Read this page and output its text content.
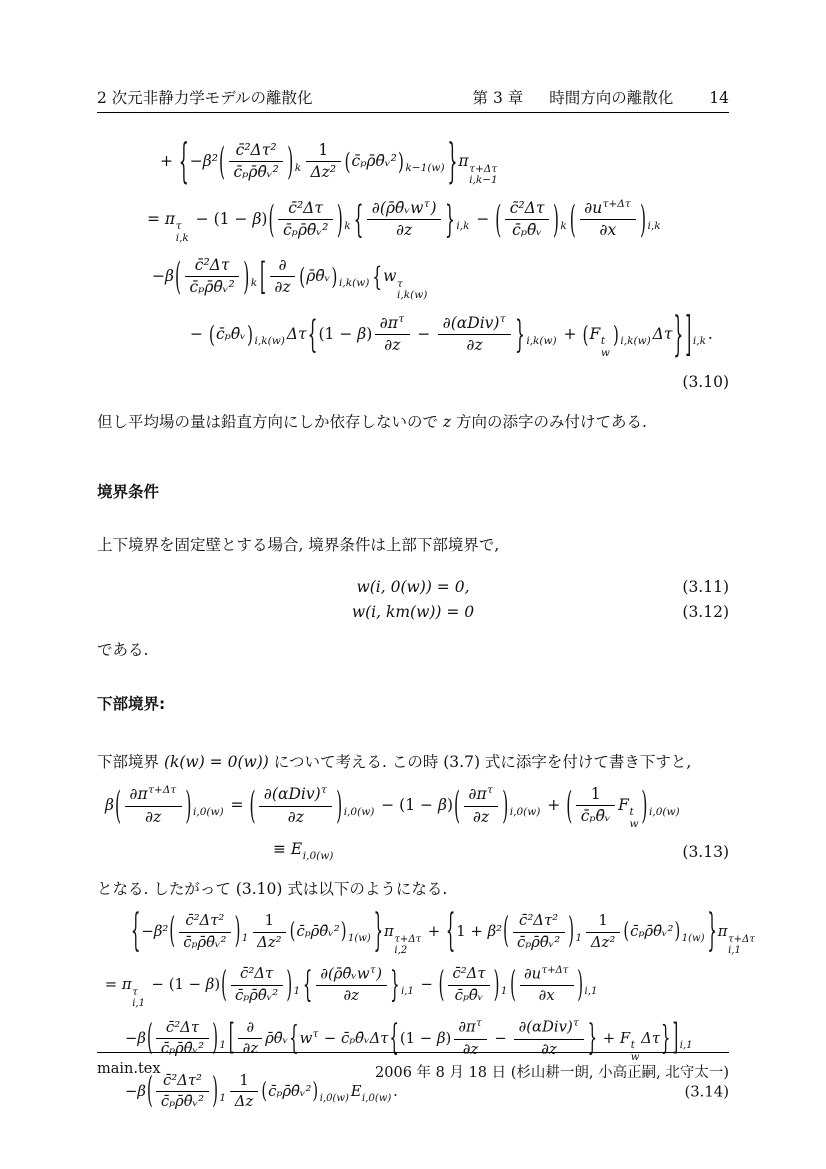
2 次元非静力学モデルの離散化	第 3 章 時間方向の離散化 14
+ {$-\beta^2( \frac{\text{c̄²Δτ²}}{\text{c̄ₚρ̄θ̄ᵥ²}}$ ) $_k \frac{1}{\text{Δz²}}$ (c̄ₚρ̄θ̄ᵥ²) $_{k-1(w)}$ }π τ+Δτ
i,k−1
= π τ
i,k
− $(1 - \beta)( \frac{\text{c̄²Δτ}}{\text{c̄ₚρ̄θ̄ᵥ²}}$ ) $_k$ { $\frac{\partial(\rhō\thetāᵥw^\tau)}{\partial z}$ } $_{i,k}$ − ( $\frac{\text{c̄²Δτ}}{\text{c̄ₚθ̄ᵥ}}$ ) $_k$ ( $\frac{\partial u^{\tau+\Delta\tau}}{\partial x}$ ) $_{i,k}$
$-\beta( \frac{\text{c̄²Δτ}}{\text{c̄ₚρ̄θ̄ᵥ²}}$ ) $_k$ [ $\frac{\partial}{\partial z}$ (ρ̄θ̄ᵥ) $_{i,k(w)}$ {w τ
i,k(w)
− (c̄ₚθ̄ᵥ) $_{i,k(w)}$ $\Delta\tau\{(1 - \beta) \frac{\partial\pi^\tau}{\partial z} - \frac{\partial(\alpha Div)^\tau}{\partial z}$ } $_{i,k(w)}$ + (F t
w
) $_{i,k(w)}$ Δτ} ] $_{i,k}$ .
(3.10)

但し平均場の量は鉛直方向にしか依存しないので z 方向の添字のみ付けてある.

境界条件

上下境界を固定壁とする場合, 境界条件は上部下部境界で,

w(i, 0(w)) = 0,	(3.11)
w(i, km(w)) = 0	(3.12)

である.

下部境界:

下部境界 (k(w) = 0(w)) について考える. この時 (3.7) 式に添字を付けて書き下すと,

$\beta( \frac{\partial\pi^{\tau+\Delta\tau}}{\partial z}$ ) $_{i,0(w)}$ = ( $\frac{\partial(\alpha Div)^\tau}{\partial z}$ ) $_{i,0(w)} - (1 - \beta)( \frac{\partial\pi^\tau}{\partial z}$ ) $_{i,0(w)}$ + ( $\frac{1}{\text{c̄ₚθ̄ᵥ}}$ F t
w ) $_{i,0(w)}$
≡ $E_{i,0(w)}$	(3.13)

となる. したがって (3.10) 式は以下のようになる.

{$-\beta^2( \frac{\text{c̄²Δτ²}}{\text{c̄ₚρ̄θ̄ᵥ²}}$ ) $_1 \frac{1}{\text{Δz²}}$ (c̄ₚρ̄θ̄ᵥ²) $_{1(w)}$ }π τ+Δτ
i,2
+ {$1 + \beta^2( \frac{\text{c̄²Δτ²}}{\text{c̄ₚρ̄θ̄ᵥ²}}$ ) $_1 \frac{1}{\text{Δz²}}$ (c̄ₚρ̄θ̄ᵥ²) $_{1(w)}$ }π τ+Δτ
i,1
= π τ
i,1
− $(1 - \beta)( \frac{\text{c̄²Δτ}}{\text{c̄ₚρ̄θ̄ᵥ²}}$ ) $_1$ { $\frac{\partial(\rhō\thetāᵥw^\tau)}{\partial z}$ } $_{i,1}$ − ( $\frac{\text{c̄²Δτ}}{\text{c̄ₚθ̄ᵥ}}$ ) $_1$ ( $\frac{\partial u^{\tau+\Delta\tau}}{\partial x}$ ) $_{i,1}$
$-\beta( \frac{\text{c̄²Δτ}}{\text{c̄ₚρ̄θ̄ᵥ²}}$ ) $_1$ [ $\frac{\partial}{\partial z}$ $\rhō\thetāᵥ\{w^\tau$ − c̄ₚθ̄ᵥΔτ{(1 − $\beta) \frac{\partial\pi^\tau}{\partial z} - \frac{\partial(\alpha Div)^\tau}{\partial z}$ } + F t
w
Δτ} ] $_{i,1}$
$-\beta( \frac{\text{c̄²Δτ²}}{\text{c̄ₚρ̄θ̄ᵥ²}}$ ) $_1 \frac{1}{\Delta z}$ (c̄ₚρ̄θ̄ᵥ²) $_{i,0(w)}$ $E_{i,0(w)}$ .	(3.14)
main.tex	2006 年 8 月 18 日 (杉山耕一朗, 小高正嗣, 北守太一)
